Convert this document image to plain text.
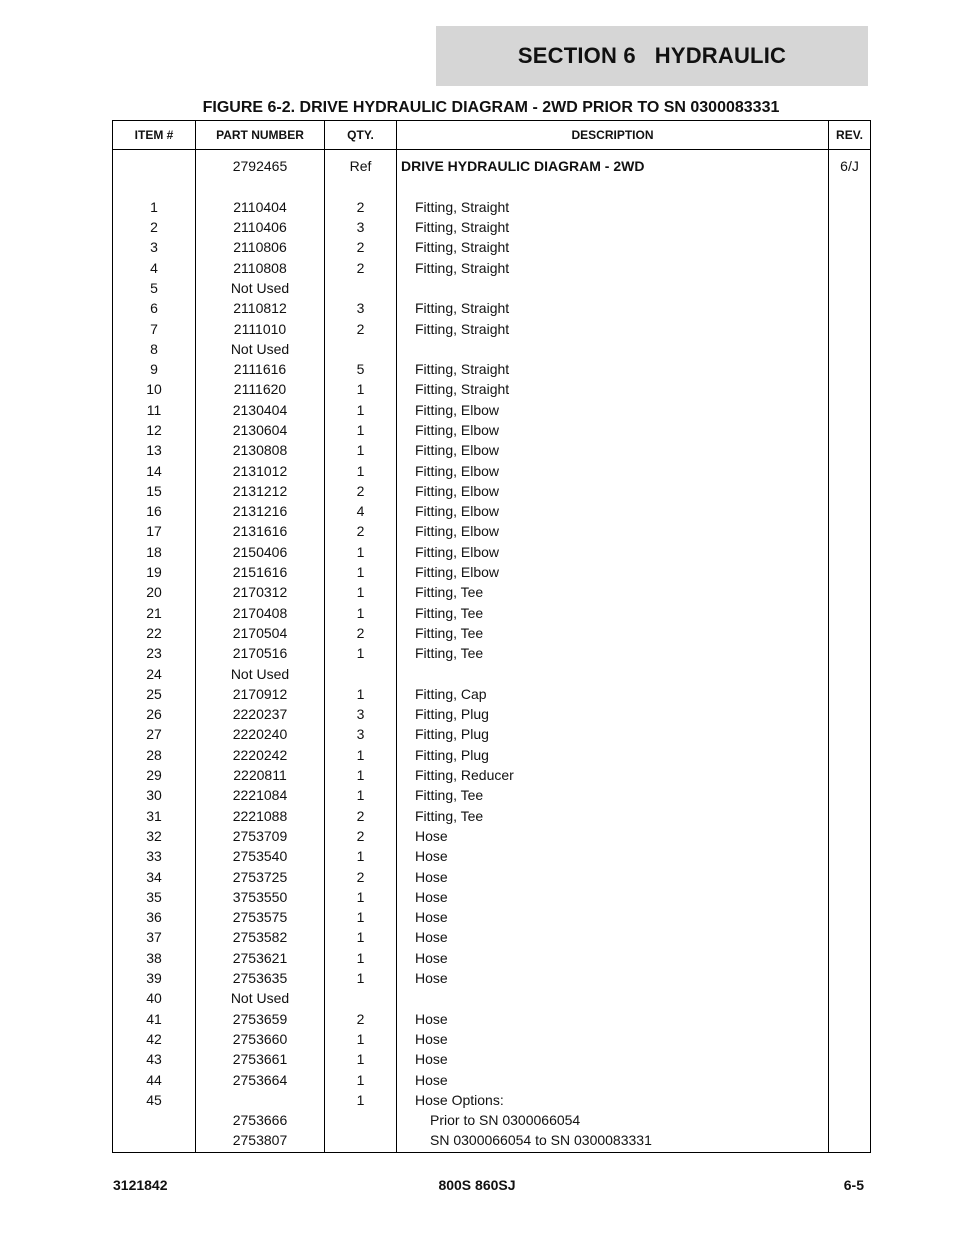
SECTION 6   HYDRAULIC
FIGURE 6-2. DRIVE HYDRAULIC DIAGRAM - 2WD PRIOR TO SN 0300083331
ITEM #	PART NUMBER	QTY.	DESCRIPTION	REV.
	2792465	Ref	DRIVE HYDRAULIC DIAGRAM - 2WD	6/J

1	2110404	2	Fitting, Straight	
2	2110406	3	Fitting, Straight	
3	2110806	2	Fitting, Straight	
4	2110808	2	Fitting, Straight	
5	Not Used			
6	2110812	3	Fitting, Straight	
7	2111010	2	Fitting, Straight	
8	Not Used			
9	2111616	5	Fitting, Straight	
10	2111620	1	Fitting, Straight	
11	2130404	1	Fitting, Elbow	
12	2130604	1	Fitting, Elbow	
13	2130808	1	Fitting, Elbow	
14	2131012	1	Fitting, Elbow	
15	2131212	2	Fitting, Elbow	
16	2131216	4	Fitting, Elbow	
17	2131616	2	Fitting, Elbow	
18	2150406	1	Fitting, Elbow	
19	2151616	1	Fitting, Elbow	
20	2170312	1	Fitting, Tee	
21	2170408	1	Fitting, Tee	
22	2170504	2	Fitting, Tee	
23	2170516	1	Fitting, Tee	
24	Not Used			
25	2170912	1	Fitting, Cap	
26	2220237	3	Fitting, Plug	
27	2220240	3	Fitting, Plug	
28	2220242	1	Fitting, Plug	
29	2220811	1	Fitting, Reducer	
30	2221084	1	Fitting, Tee	
31	2221088	2	Fitting, Tee	
32	2753709	2	Hose	
33	2753540	1	Hose	
34	2753725	2	Hose	
35	3753550	1	Hose	
36	2753575	1	Hose	
37	2753582	1	Hose	
38	2753621	1	Hose	
39	2753635	1	Hose	
40	Not Used			
41	2753659	2	Hose	
42	2753660	1	Hose	
43	2753661	1	Hose	
44	2753664	1	Hose	
45		1	Hose Options:	
	2753666		Prior to SN 0300066054	
	2753807		SN 0300066054 to SN 0300083331	
3121842	800S 860SJ	6-5
